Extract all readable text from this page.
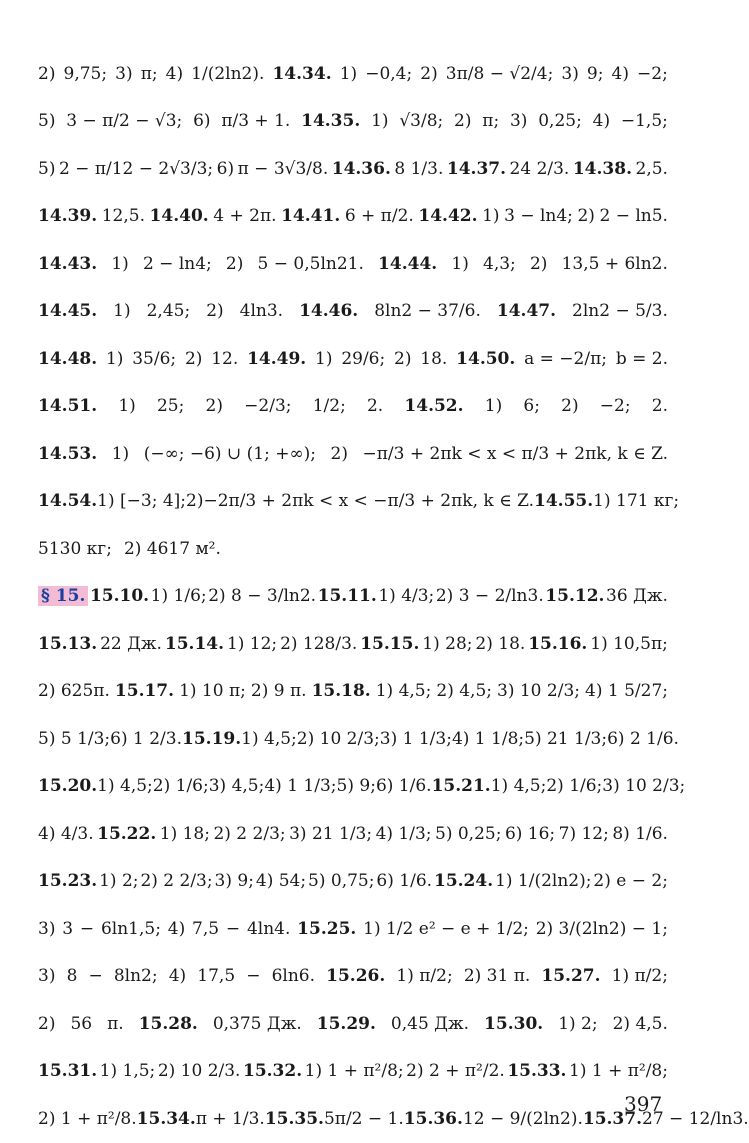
2) 9,75; 3) π; 4) 1/(2ln2). 14.34. 1) −0,4; 2) 3π/8 − √2/4; 3) 9; 4) −2;
5) 3 − π/2 − √3; 6) π/3 + 1. 14.35. 1) √3/8; 2) π; 3) 0,25; 4) −1,5;
5) 2 − π/12 − 2√3/3; 6) π − 3√3/8. 14.36. 8 1/3. 14.37. 24 2/3. 14.38. 2,5.
14.39. 12,5. 14.40. 4 + 2π. 14.41. 6 + π/2. 14.42. 1) 3 − ln4; 2) 2 − ln5.
14.43. 1) 2 − ln4; 2) 5 − 0,5ln21. 14.44. 1) 4,3; 2) 13,5 + 6ln2.
14.45. 1) 2,45; 2) 4ln3. 14.46. 8ln2 − 37/6. 14.47. 2ln2 − 5/3.
14.48. 1) 35/6; 2) 12. 14.49. 1) 29/6; 2) 18. 14.50. a = −2/π; b = 2.
14.51. 1) 25; 2) −2/3; 1/2; 2. 14.52. 1) 6; 2) −2; 2.
14.53. 1) (−∞; −6) ∪ (1; +∞); 2) −π/3 + 2πk < x < π/3 + 2πk, k ∈ Z.
14.54. 1) [−3; 4]; 2) −2π/3 + 2πk < x < −π/3 + 2πk, k ∈ Z. 14.55. 1) 171 кг;
5130 кг; 2) 4617 м².
§ 15. 15.10. 1) 1/6; 2) 8 − 3/ln2. 15.11. 1) 4/3; 2) 3 − 2/ln3. 15.12. 36 Дж.
15.13. 22 Дж. 15.14. 1) 12; 2) 128/3. 15.15. 1) 28; 2) 18. 15.16. 1) 10,5π;
2) 625π. 15.17. 1) 10 π; 2) 9 π. 15.18. 1) 4,5; 2) 4,5; 3) 10 2/3; 4) 1 5/27;
5) 5 1/3; 6) 1 2/3. 15.19. 1) 4,5; 2) 10 2/3; 3) 1 1/3; 4) 1 1/8; 5) 21 1/3; 6) 2 1/6.
15.20. 1) 4,5; 2) 1/6; 3) 4,5; 4) 1 1/3; 5) 9; 6) 1/6. 15.21. 1) 4,5; 2) 1/6; 3) 10 2/3;
4) 4/3. 15.22. 1) 18; 2) 2 2/3; 3) 21 1/3; 4) 1/3; 5) 0,25; 6) 16; 7) 12; 8) 1/6.
15.23. 1) 2; 2) 2 2/3; 3) 9; 4) 54; 5) 0,75; 6) 1/6. 15.24. 1) 1/(2ln2); 2) e − 2;
3) 3 − 6ln1,5; 4) 7,5 − 4ln4. 15.25. 1) 1/2 e² − e + 1/2; 2) 3/(2ln2) − 1;
3) 8 − 8ln2; 4) 17,5 − 6ln6. 15.26. 1) π/2; 2) 31 π. 15.27. 1) π/2;
2) 56 π. 15.28. 0,375 Дж. 15.29. 0,45 Дж. 15.30. 1) 2; 2) 4,5.
15.31. 1) 1,5; 2) 10 2/3. 15.32. 1) 1 + π²/8; 2) 2 + π²/2. 15.33. 1) 1 + π²/8;
2) 1 + π²/8. 15.34. π + 1/3. 15.35. 5π/2 − 1. 15.36. 12 − 9/(2ln2). 15.37. 27 − 12/ln3.
397
